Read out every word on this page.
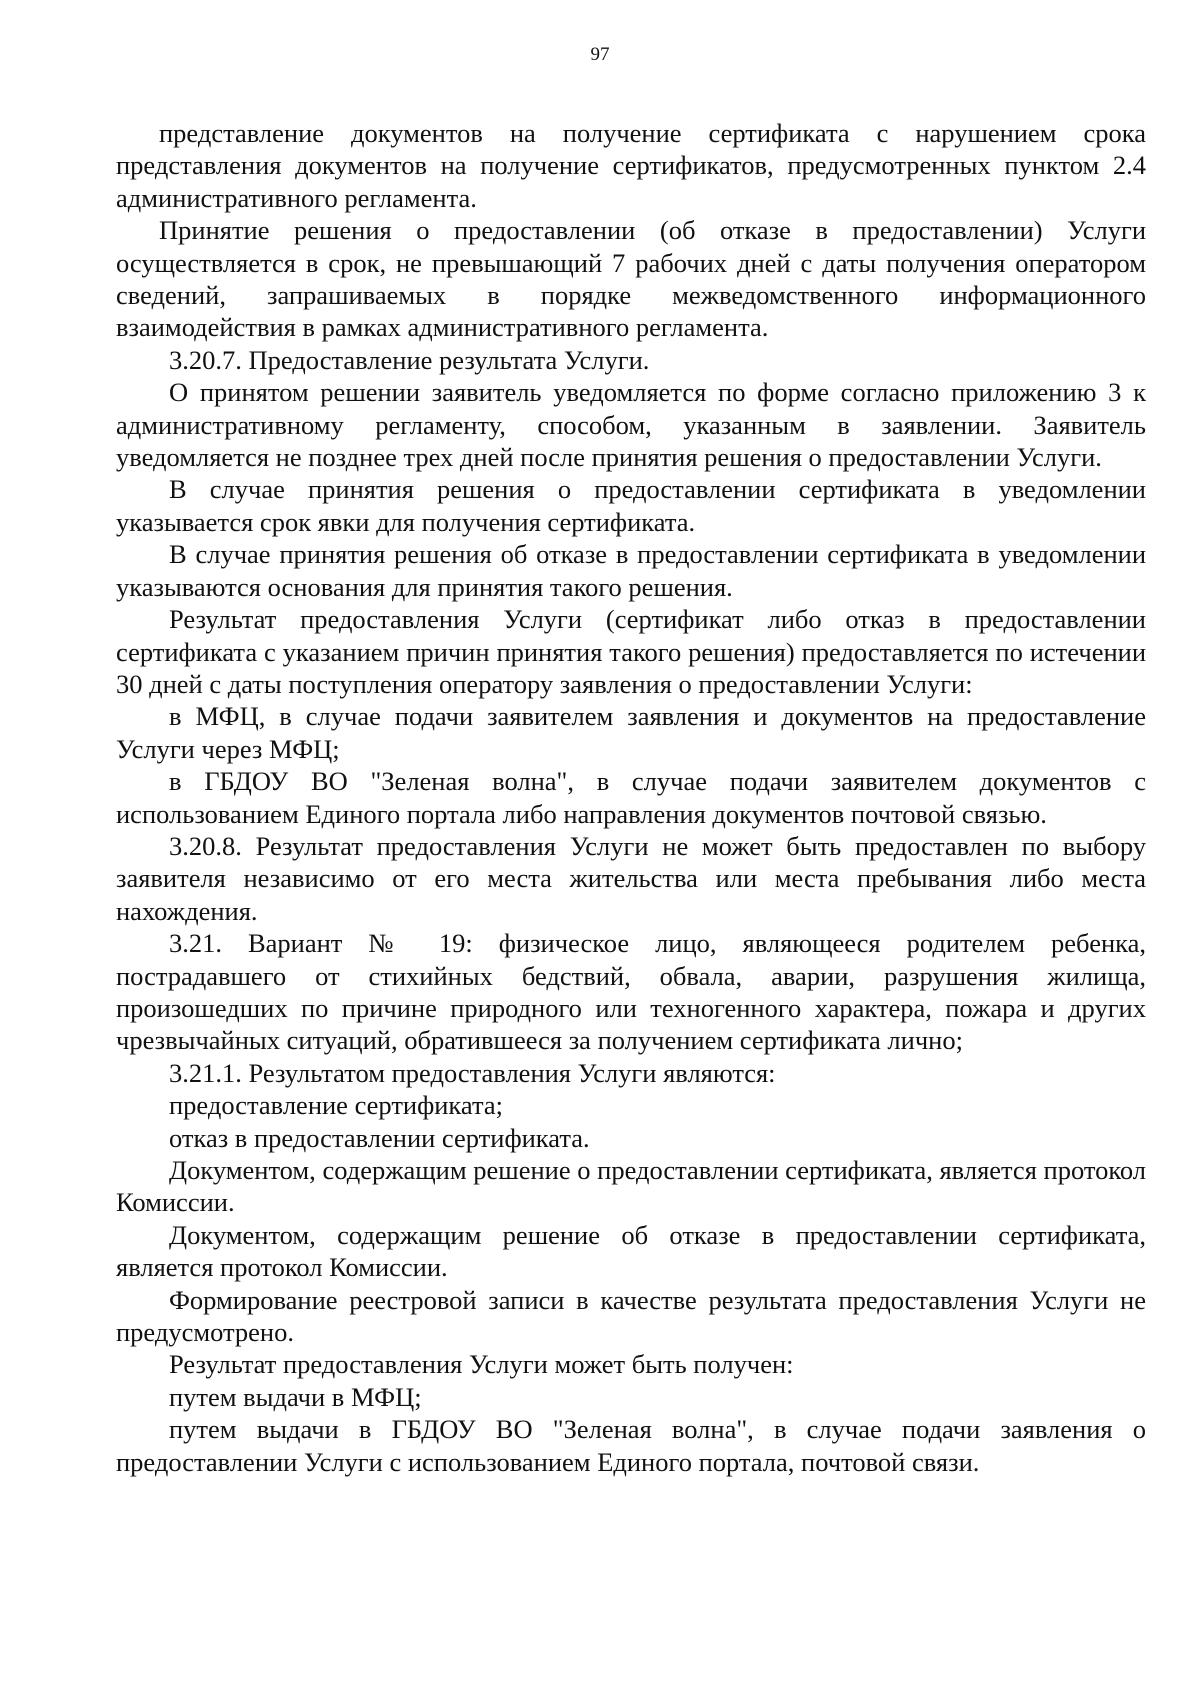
97

представление документов на получение сертификата с нарушением срока представления документов на получение сертификатов, предусмотренных пунктом 2.4 административного регламента.

Принятие решения о предоставлении (об отказе в предоставлении) Услуги осуществляется в срок, не превышающий 7 рабочих дней с даты получения оператором сведений, запрашиваемых в порядке межведомственного информационного взаимодействия в рамках административного регламента.

3.20.7. Предоставление результата Услуги.

О принятом решении заявитель уведомляется по форме согласно приложению 3 к административному регламенту, способом, указанным в заявлении. Заявитель уведомляется не позднее трех дней после принятия решения о предоставлении Услуги.

В случае принятия решения о предоставлении сертификата в уведомлении указывается срок явки для получения сертификата.

В случае принятия решения об отказе в предоставлении сертификата в уведомлении указываются основания для принятия такого решения.

Результат предоставления Услуги (сертификат либо отказ в предоставлении сертификата с указанием причин принятия такого решения) предоставляется по истечении 30 дней с даты поступления оператору заявления о предоставлении Услуги:

в МФЦ, в случае подачи заявителем заявления и документов на предоставление Услуги через МФЦ;

в ГБДОУ ВО "Зеленая волна", в случае подачи заявителем документов с использованием Единого портала либо направления документов почтовой связью.

3.20.8. Результат предоставления Услуги не может быть предоставлен по выбору заявителя независимо от его места жительства или места пребывания либо места нахождения.

3.21. Вариант № 19: физическое лицо, являющееся родителем ребенка, пострадавшего от стихийных бедствий, обвала, аварии, разрушения жилища, произошедших по причине природного или техногенного характера, пожара и других чрезвычайных ситуаций, обратившееся за получением сертификата лично;

3.21.1. Результатом предоставления Услуги являются:

предоставление сертификата;

отказ в предоставлении сертификата.

Документом, содержащим решение о предоставлении сертификата, является протокол Комиссии.

Документом, содержащим решение об отказе в предоставлении сертификата, является протокол Комиссии.

Формирование реестровой записи в качестве результата предоставления Услуги не предусмотрено.

Результат предоставления Услуги может быть получен:

путем выдачи в МФЦ;

путем выдачи в ГБДОУ ВО "Зеленая волна", в случае подачи заявления о предоставлении Услуги с использованием Единого портала, почтовой связи.
